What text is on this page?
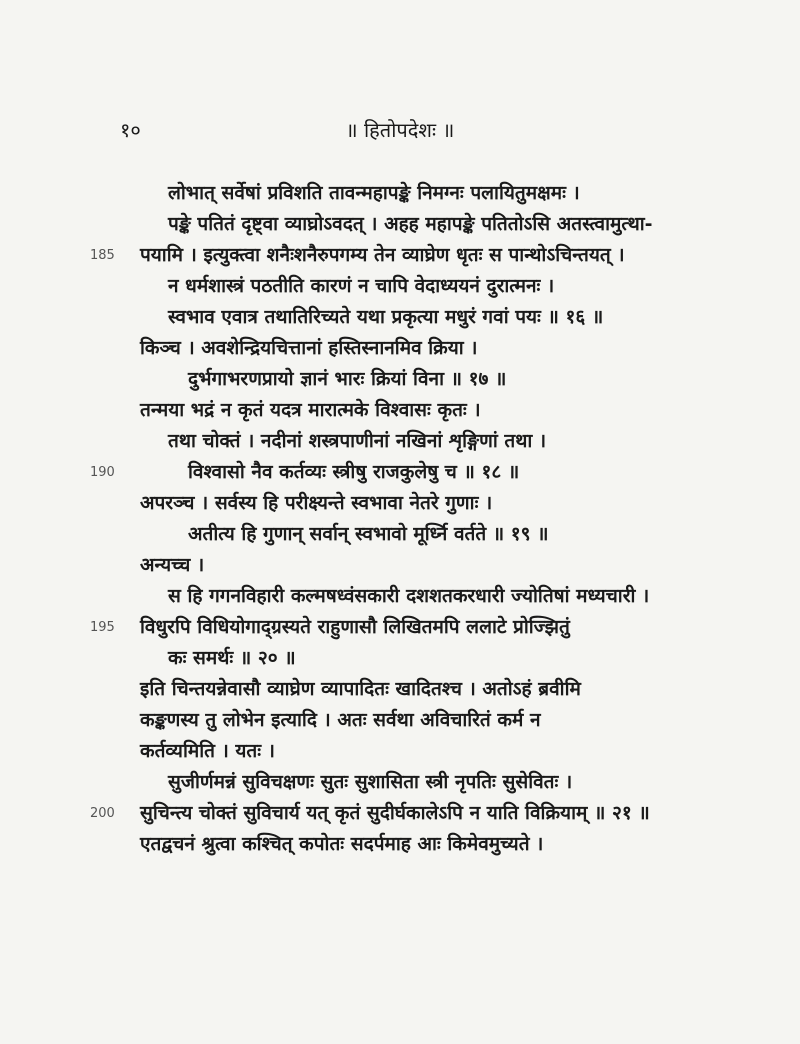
१०	॥ हितोपदेशः ॥
185
190
195
200
लोभात् सर्वेषां प्रविशति तावन्महापङ्के निमग्नः पलायितुमक्षमः ।
पङ्के पतितं दृष्ट्वा व्याघ्रोऽवदत् । अहह महापङ्के पतितोऽसि अतस्त्वामुत्था-
पयामि । इत्युक्त्वा शनैःशनैरुपगम्य तेन व्याघ्रेण धृतः स पान्थोऽचिन्तयत् ।
न धर्मशास्त्रं पठतीति कारणं न चापि वेदाध्ययनं दुरात्मनः ।
स्वभाव एवात्र तथातिरिच्यते यथा प्रकृत्या मधुरं गवां पयः ॥ १६ ॥
किञ्च । अवशेन्द्रियचित्तानां हस्तिस्नानमिव क्रिया ।
दुर्भगाभरणप्रायो ज्ञानं भारः क्रियां विना ॥ १७ ॥
तन्मया भद्रं न कृतं यदत्र मारात्मके विश्वासः कृतः ।
तथा चोक्तं । नदीनां शस्त्रपाणीनां नखिनां शृङ्गिणां तथा ।
विश्वासो नैव कर्तव्यः स्त्रीषु राजकुलेषु च ॥ १८ ॥
अपरञ्च । सर्वस्य हि परीक्ष्यन्ते स्वभावा नेतरे गुणाः ।
अतीत्य हि गुणान् सर्वान् स्वभावो मूर्ध्नि वर्तते ॥ १९ ॥
अन्यच्च ।
स हि गगनविहारी कल्मषध्वंसकारी दशशतकरधारी ज्योतिषां मध्यचारी ।
विधुरपि विधियोगाद्ग्रस्यते राहुणासौ लिखितमपि ललाटे प्रोज्झितुं
कः समर्थः ॥ २० ॥
इति चिन्तयन्नेवासौ व्याघ्रेण व्यापादितः खादितश्च । अतोऽहं ब्रवीमि
कङ्कणस्य तु लोभेन इत्यादि । अतः सर्वथा अविचारितं कर्म न
कर्तव्यमिति । यतः ।
सुजीर्णमन्नं सुविचक्षणः सुतः सुशासिता स्त्री नृपतिः सुसेवितः ।
सुचिन्त्य चोक्तं सुविचार्य यत् कृतं सुदीर्घकालेऽपि न याति विक्रियाम् ॥ २१ ॥
एतद्वचनं श्रुत्वा कश्चित् कपोतः सदर्पमाह आः किमेवमुच्यते ।
